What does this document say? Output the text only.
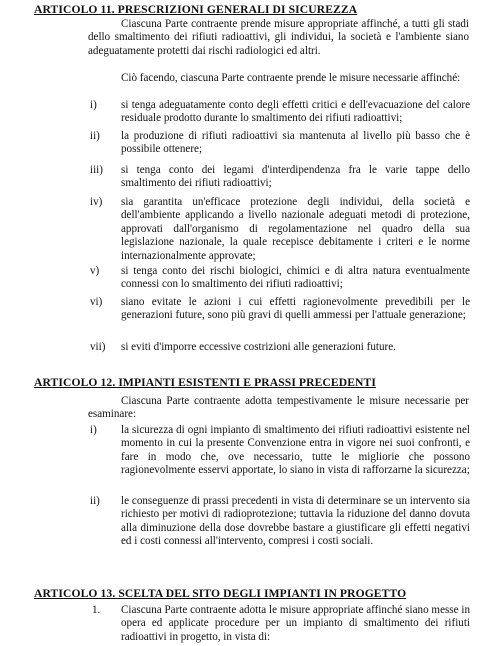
ARTICOLO 11. PRESCRIZIONI GENERALI DI SICUREZZA
Ciascuna Parte contraente prende misure appropriate affinché, a tutti gli stadi dello smaltimento dei rifiuti radioattivi, gli individui, la società e l'ambiente siano adeguatamente protetti dai rischi radiologici ed altri.
Ciò facendo, ciascuna Parte contraente prende le misure necessarie affinché:
i) si tenga adeguatamente conto degli effetti critici e dell'evacuazione del calore residuale prodotto durante lo smaltimento dei rifiuti radioattivi;
ii) la produzione di rifiuti radioattivi sia mantenuta al livello più basso che è possibile ottenere;
iii) si tenga conto dei legami d'interdipendenza fra le varie tappe dello smaltimento dei rifiuti radioattivi;
iv) sia garantita un'efficace protezione degli individui, della società e dell'ambiente applicando a livello nazionale adeguati metodi di protezione, approvati dall'organismo di regolamentazione nel quadro della sua legislazione nazionale, la quale recepisce debitamente i criteri e le norme internazionalmente approvate;
v) si tenga conto dei rischi biologici, chimici e di altra natura eventualmente connessi con lo smaltimento dei rifiuti radioattivi;
vi) siano evitate le azioni i cui effetti ragionevolmente prevedibili per le generazioni future, sono più gravi di quelli ammessi per l'attuale generazione;
vii) si eviti d'imporre eccessive costrizioni alle generazioni future.
ARTICOLO 12. IMPIANTI ESISTENTI E PRASSI PRECEDENTI
Ciascuna Parte contraente adotta tempestivamente le misure necessarie per esaminare:
i) la sicurezza di ogni impianto di smaltimento dei rifiuti radioattivi esistente nel momento in cui la presente Convenzione entra in vigore nei suoi confronti, e fare in modo che, ove necessario, tutte le migliorie che possono ragionevolmente esservi apportate, lo siano in vista di rafforzarne la sicurezza;
ii) le conseguenze di prassi precedenti in vista di determinare se un intervento sia richiesto per motivi di radioprotezione; tuttavia la riduzione del danno dovuta alla diminuzione della dose dovrebbe bastare a giustificare gli effetti negativi ed i costi connessi all'intervento, compresi i costi sociali.
ARTICOLO 13. SCELTA DEL SITO DEGLI IMPIANTI IN PROGETTO
1. Ciascuna Parte contraente adotta le misure appropriate affinché siano messe in opera ed applicate procedure per un impianto di smaltimento dei rifiuti radioattivi in progetto, in vista di:
